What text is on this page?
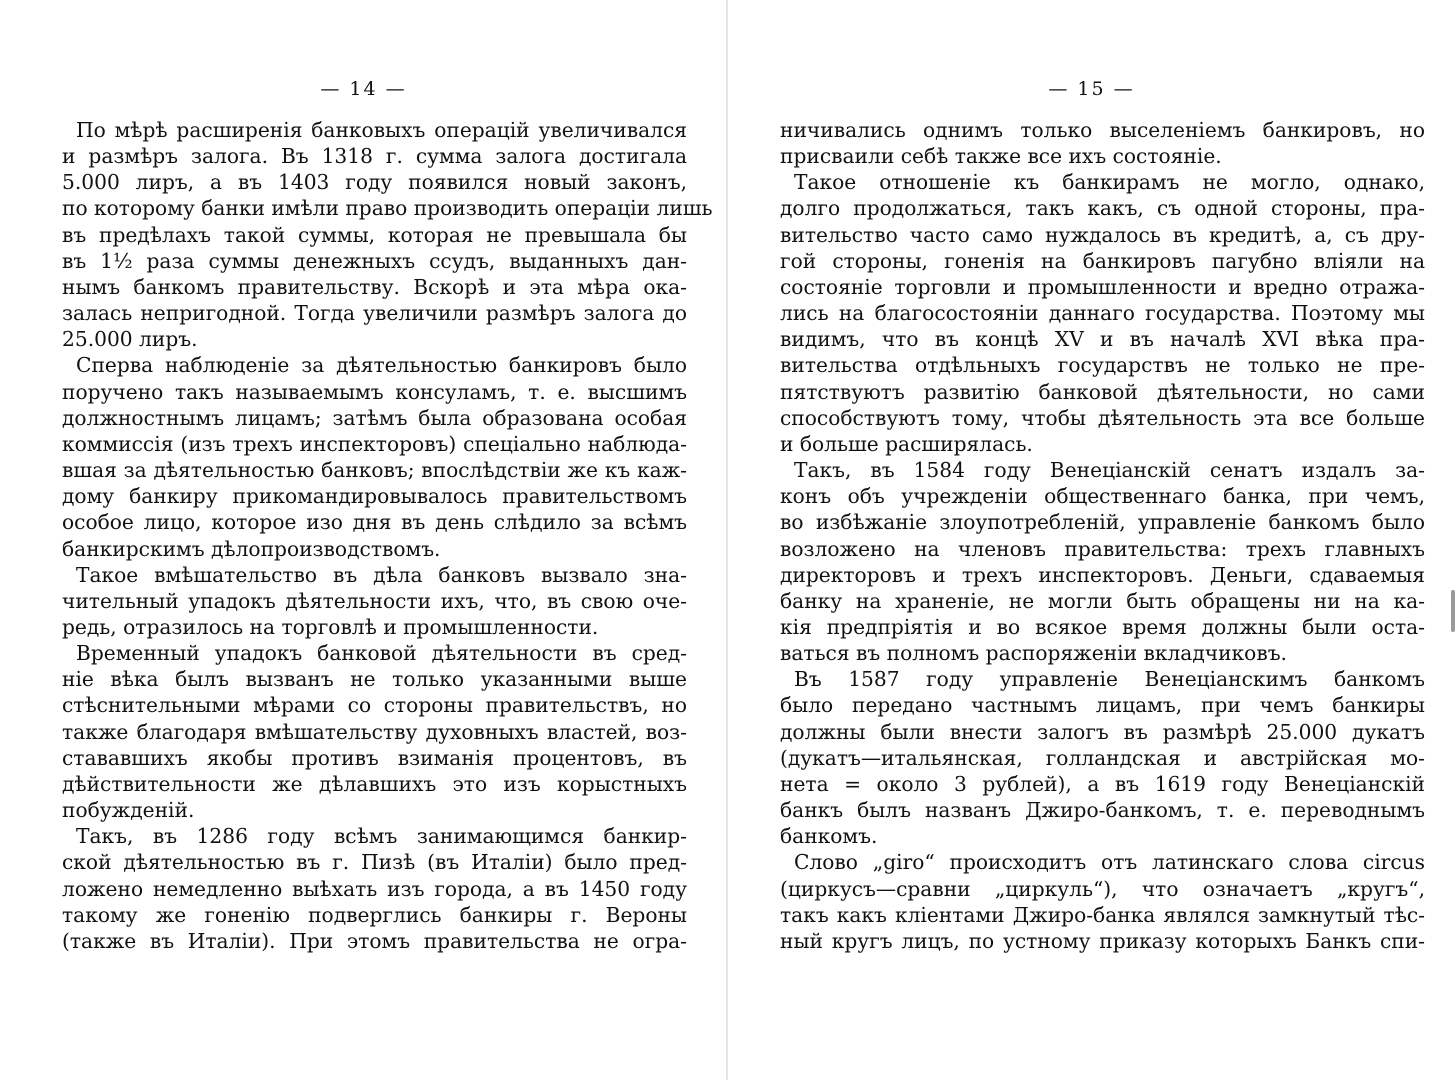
— 14 —
По мѣрѣ расширенія банковыхъ операцій увеличивался
и размѣръ залога. Въ 1318 г. сумма залога достигала
5.000 лиръ, а въ 1403 году появился новый законъ,
по которому банки имѣли право производить операціи лишь
въ предѣлахъ такой суммы, которая не превышала бы
въ 1½ раза суммы денежныхъ ссудъ, выданныхъ дан-
нымъ банкомъ правительству. Вскорѣ и эта мѣра ока-
залась непригодной. Тогда увеличили размѣръ залога до
25.000 лиръ.
Сперва наблюденіе за дѣятельностью банкировъ было
поручено такъ называемымъ консуламъ, т. е. высшимъ
должностнымъ лицамъ; затѣмъ была образована особая
коммиссія (изъ трехъ инспекторовъ) спеціально наблюда-
вшая за дѣятельностью банковъ; впослѣдствіи же къ каж-
дому банкиру прикомандировывалось правительствомъ
особое лицо, которое изо дня въ день слѣдило за всѣмъ
банкирскимъ дѣлопроизводствомъ.
Такое вмѣшательство въ дѣла банковъ вызвало зна-
чительный упадокъ дѣятельности ихъ, что, въ свою оче-
редь, отразилось на торговлѣ и промышленности.
Временный упадокъ банковой дѣятельности въ сред-
ніе вѣка былъ вызванъ не только указанными выше
стѣснительными мѣрами со стороны правительствъ, но
также благодаря вмѣшательству духовныхъ властей, воз-
стававшихъ якобы противъ взиманія процентовъ, въ
дѣйствительности же дѣлавшихъ это изъ корыстныхъ
побужденій.
Такъ, въ 1286 году всѣмъ занимающимся банкир-
ской дѣятельностью въ г. Пизѣ (въ Италіи) было пред-
ложено немедленно выѣхать изъ города, а въ 1450 году
такому же гоненію подверглись банкиры г. Вероны
(также въ Италіи). При этомъ правительства не огра-
— 15 —
ничивались однимъ только выселеніемъ банкировъ, но
присваили себѣ также все ихъ состояніе.
Такое отношеніе къ банкирамъ не могло, однако,
долго продолжаться, такъ какъ, съ одной стороны, пра-
вительство часто само нуждалось въ кредитѣ, а, съ дру-
гой стороны, гоненія на банкировъ пагубно вліяли на
состояніе торговли и промышленности и вредно отража-
лись на благосостояніи даннаго государства. Поэтому мы
видимъ, что въ концѣ XV и въ началѣ XVI вѣка пра-
вительства отдѣльныхъ государствъ не только не пре-
пятствуютъ развитію банковой дѣятельности, но сами
способствуютъ тому, чтобы дѣятельность эта все больше
и больше расширялась.
Такъ, въ 1584 году Венеціанскій сенатъ издалъ за-
конъ объ учрежденіи общественнаго банка, при чемъ,
во избѣжаніе злоупотребленій, управленіе банкомъ было
возложено на членовъ правительства: трехъ главныхъ
директоровъ и трехъ инспекторовъ. Деньги, сдаваемыя
банку на храненіе, не могли быть обращены ни на ка-
кія предпріятія и во всякое время должны были оста-
ваться въ полномъ распоряженіи вкладчиковъ.
Въ 1587 году управленіе Венеціанскимъ банкомъ
было передано частнымъ лицамъ, при чемъ банкиры
должны были внести залогъ въ размѣрѣ 25.000 дукатъ
(дукатъ—итальянская, голландская и австрійская мо-
нета = около 3 рублей), а въ 1619 году Венеціанскій
банкъ былъ названъ Джиро-банкомъ, т. е. переводнымъ
банкомъ.
Слово „giro“ происходитъ отъ латинскаго слова circus
(циркусъ—сравни „циркуль“), что означаетъ „кругъ“,
такъ какъ кліентами Джиро-банка являлся замкнутый тѣс-
ный кругъ лицъ, по устному приказу которыхъ Банкъ спи-
